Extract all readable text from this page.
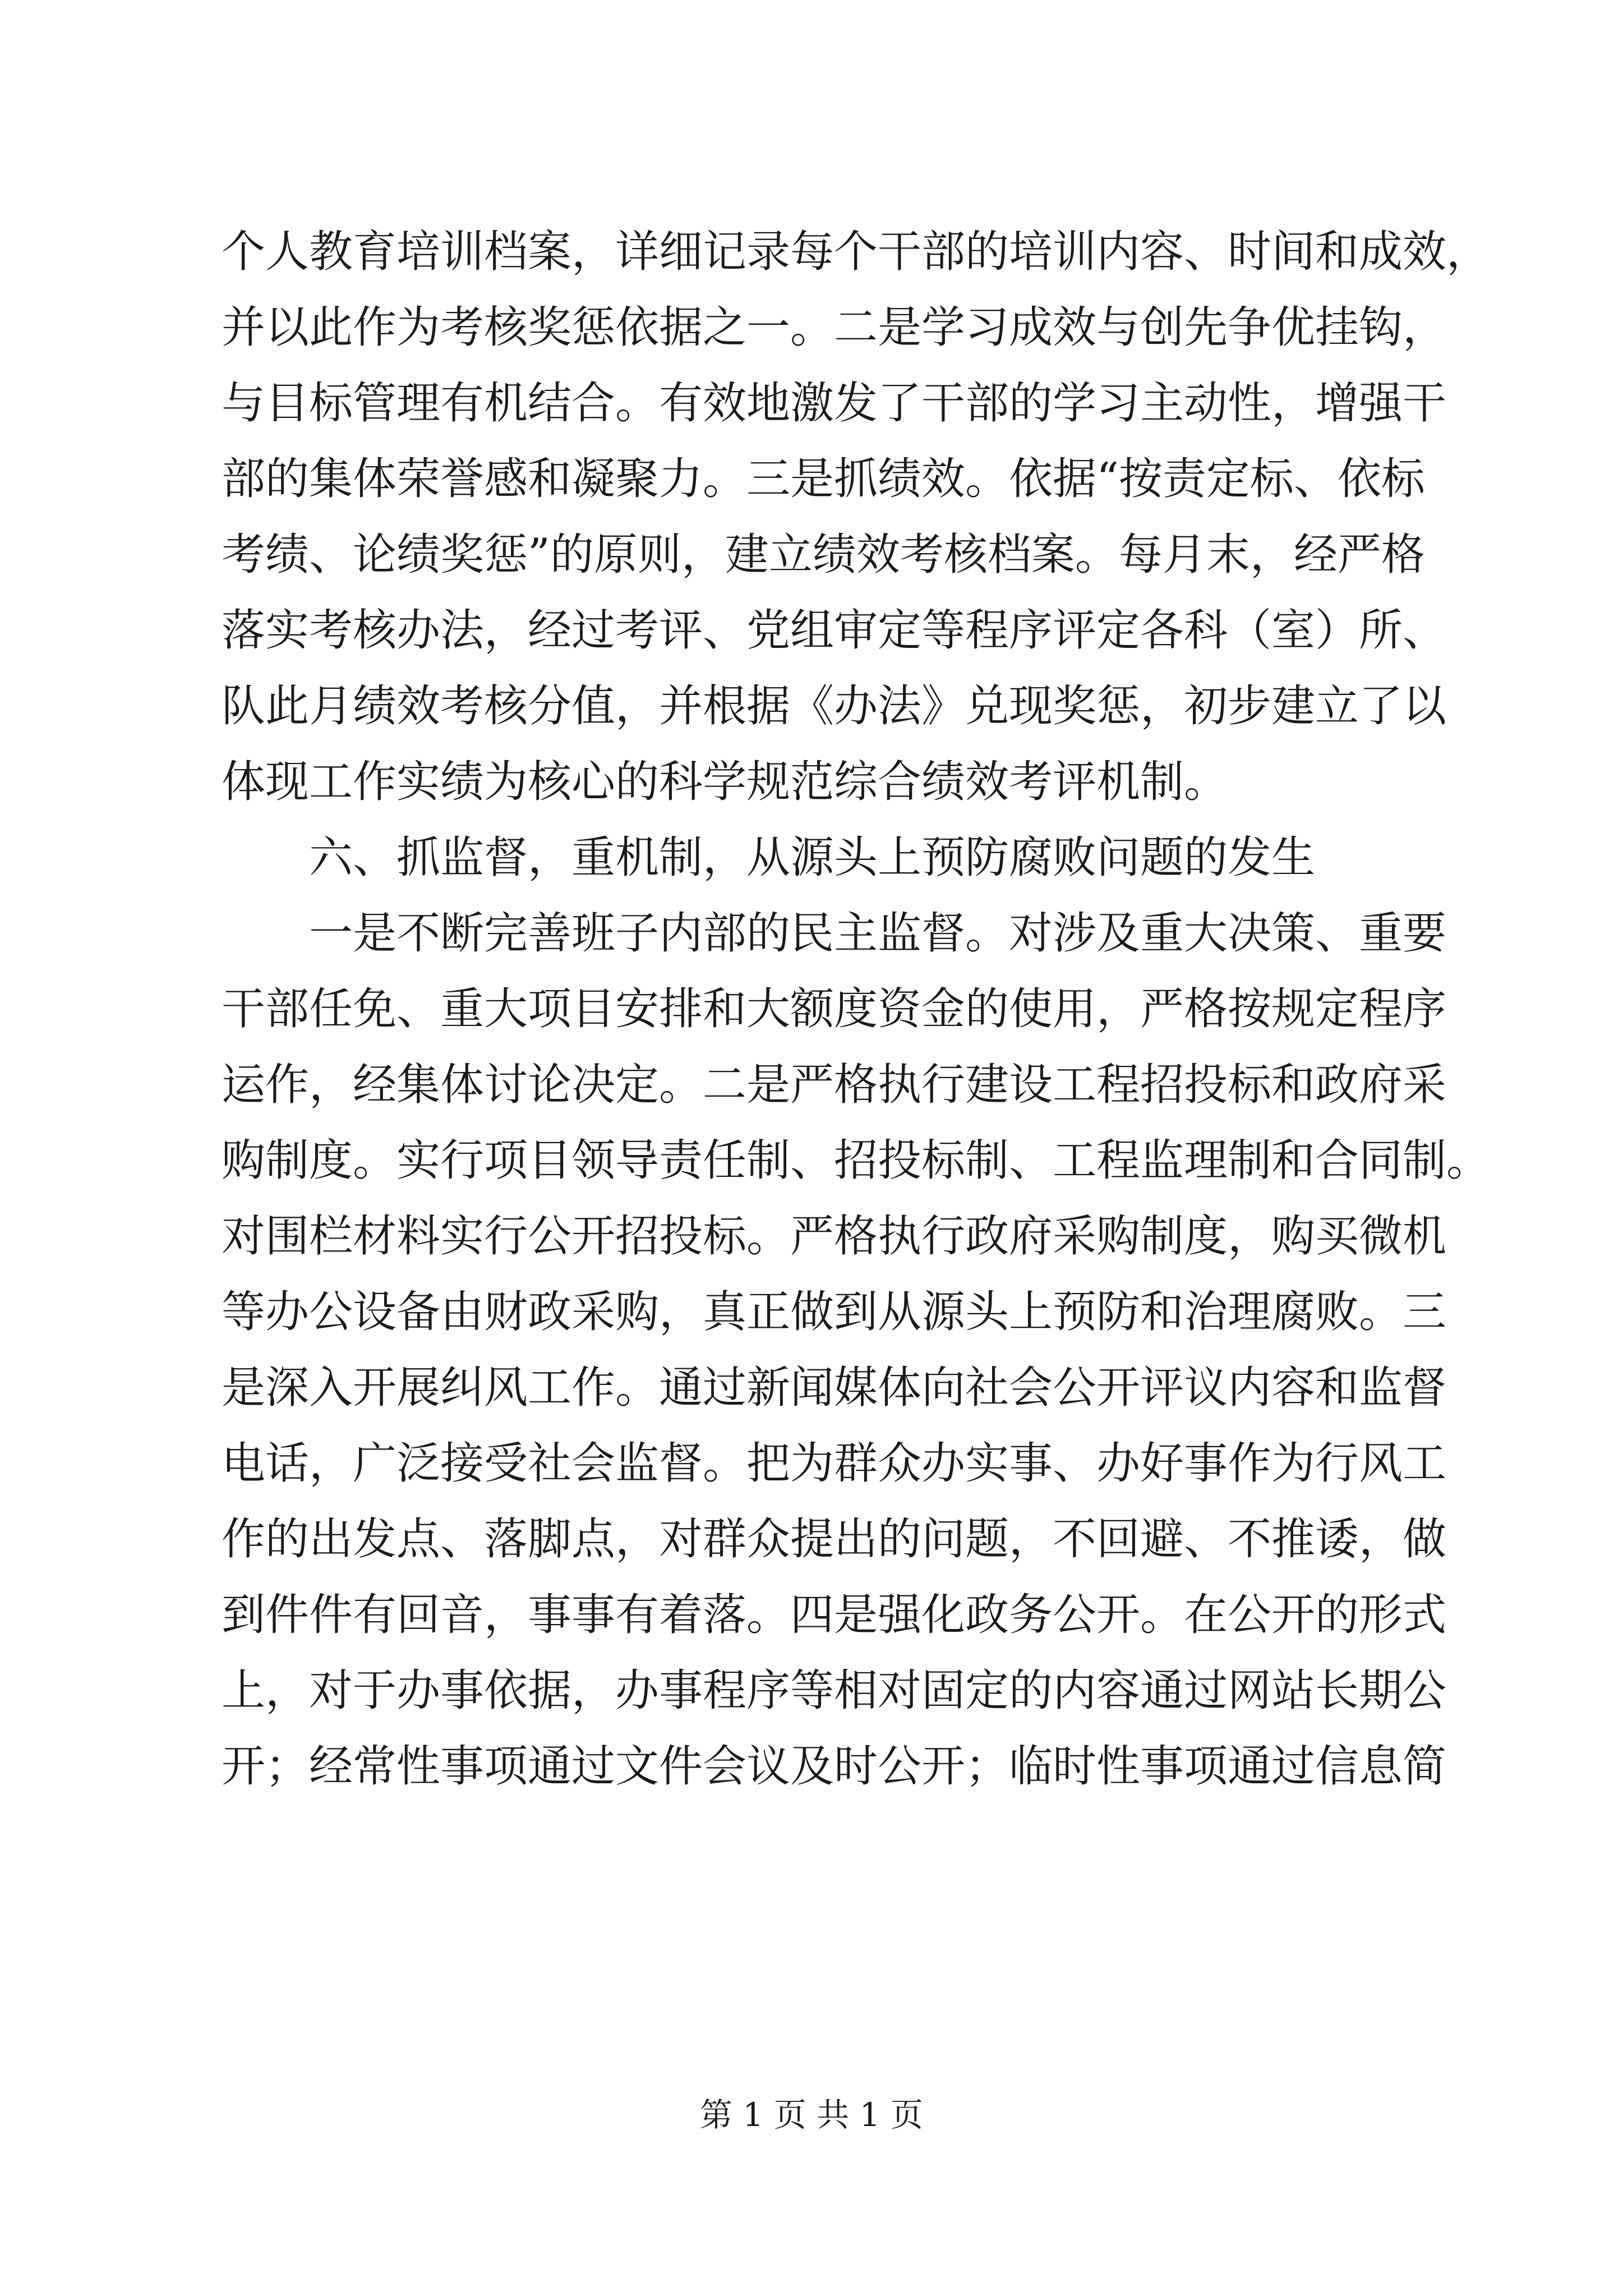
个人教育培训档案，详细记录每个干部的培训内容、时间和成效，
并以此作为考核奖惩依据之一。二是学习成效与创先争优挂钩，
与目标管理有机结合。有效地激发了干部的学习主动性，增强干
部的集体荣誉感和凝聚力。三是抓绩效。依据“按责定标、依标
考绩、论绩奖惩”的原则，建立绩效考核档案。每月末，经严格
落实考核办法，经过考评、党组审定等程序评定各科（室）所、
队此月绩效考核分值，并根据《办法》兑现奖惩，初步建立了以
体现工作实绩为核心的科学规范综合绩效考评机制。
六、抓监督，重机制，从源头上预防腐败问题的发生
一是不断完善班子内部的民主监督。对涉及重大决策、重要
干部任免、重大项目安排和大额度资金的使用，严格按规定程序
运作，经集体讨论决定。二是严格执行建设工程招投标和政府采
购制度。实行项目领导责任制、招投标制、工程监理制和合同制。
对围栏材料实行公开招投标。严格执行政府采购制度，购买微机
等办公设备由财政采购，真正做到从源头上预防和治理腐败。三
是深入开展纠风工作。通过新闻媒体向社会公开评议内容和监督
电话，广泛接受社会监督。把为群众办实事、办好事作为行风工
作的出发点、落脚点，对群众提出的问题，不回避、不推诿，做
到件件有回音，事事有着落。四是强化政务公开。在公开的形式
上，对于办事依据，办事程序等相对固定的内容通过网站长期公
开；经常性事项通过文件会议及时公开；临时性事项通过信息简
第 1 页 共 1 页
